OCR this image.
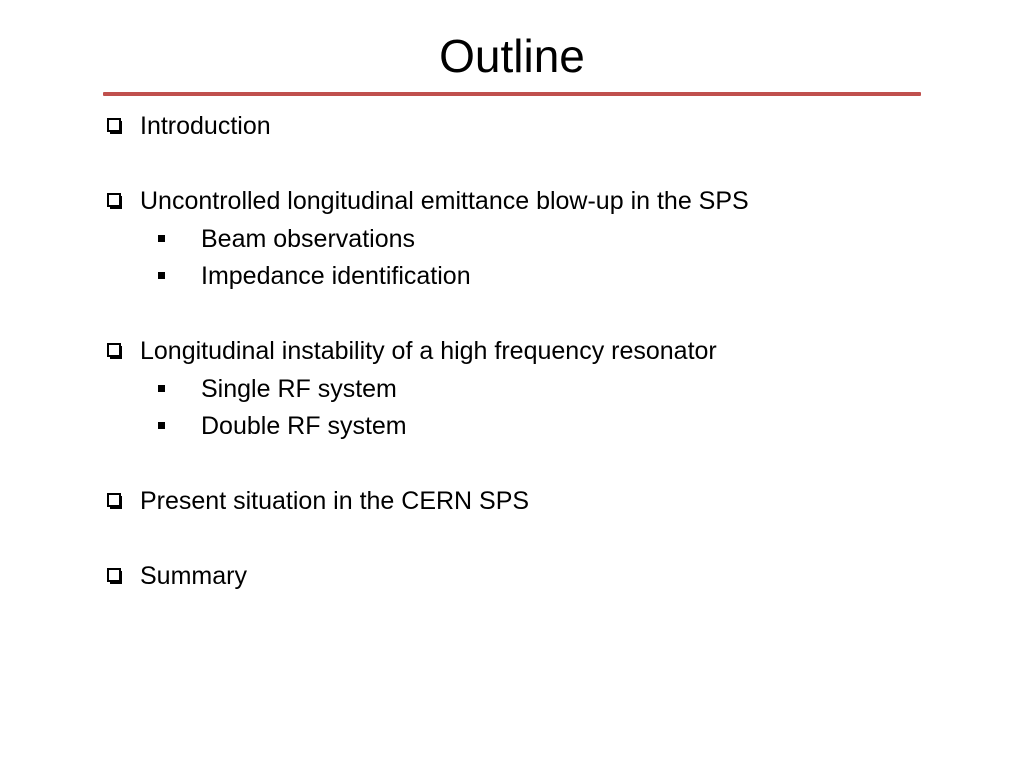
Outline
Introduction
Uncontrolled longitudinal emittance blow-up in the SPS
Beam observations
Impedance identification
Longitudinal instability of a high frequency resonator
Single RF system
Double RF system
Present situation in the CERN SPS
Summary
